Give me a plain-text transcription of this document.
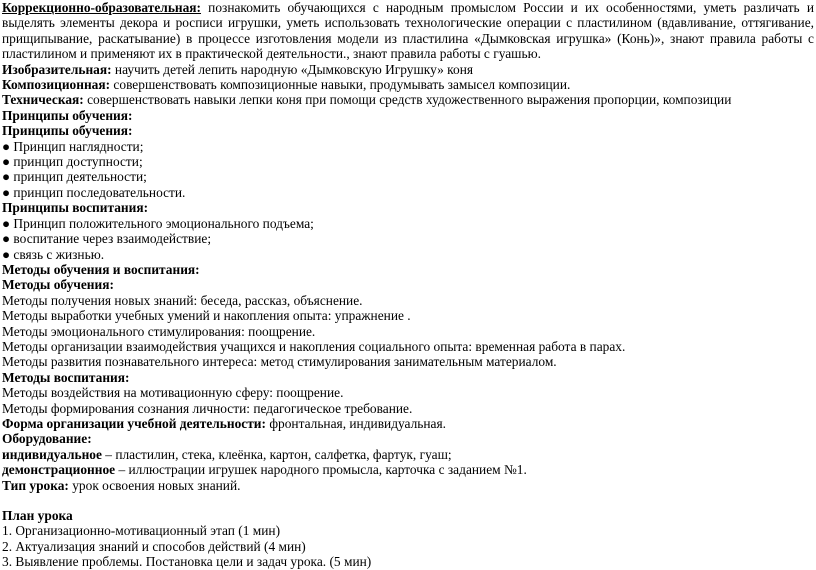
Коррекционно-образовательная: познакомить обучающихся с народным промыслом России и их особенностями, уметь различать и выделять элементы декора и росписи игрушки, уметь использовать технологические операции с пластилином (вдавливание, оттягивание, прищипывание, раскатывание) в процессе изготовления модели из пластилина «Дымковская игрушка» (Конь)», знают правила работы с пластилином и применяют их в практической деятельности., знают правила работы с гуашью.
Изобразительная: научить детей лепить народную «Дымковскую Игрушку» коня
Композиционная: совершенствовать композиционные навыки, продумывать замысел композиции.
Техническая: совершенствовать навыки лепки коня при помощи средств художественного выражения пропорции, композиции
Принципы обучения:
Принципы обучения:
● Принцип наглядности;
● принцип доступности;
● принцип деятельности;
● принцип последовательности.
Принципы воспитания:
● Принцип положительного эмоционального подъема;
● воспитание через взаимодействие;
● связь с жизнью.
Методы обучения и воспитания:
Методы обучения:
Методы получения новых знаний: беседа, рассказ, объяснение.
Методы выработки учебных умений и накопления опыта: упражнение .
Методы эмоционального стимулирования: поощрение.
Методы организации взаимодействия учащихся и накопления социального опыта: временная работа в парах.
Методы развития познавательного интереса: метод стимулирования занимательным материалом.
Методы воспитания:
Методы воздействия на мотивационную сферу: поощрение.
Методы формирования сознания личности: педагогическое требование.
Форма организации учебной деятельности: фронтальная, индивидуальная.
Оборудование:
индивидуальное – пластилин, стека, клеёнка, картон, салфетка, фартук, гуаш;
демонстрационное – иллюстрации игрушек народного промысла, карточка с заданием №1.
Тип урока: урок освоения новых знаний.
План урока
1. Организационно-мотивационный этап (1 мин)
2. Актуализация знаний и способов действий (4 мин)
3. Выявление проблемы. Постановка цели и задач урока. (5 мин)
